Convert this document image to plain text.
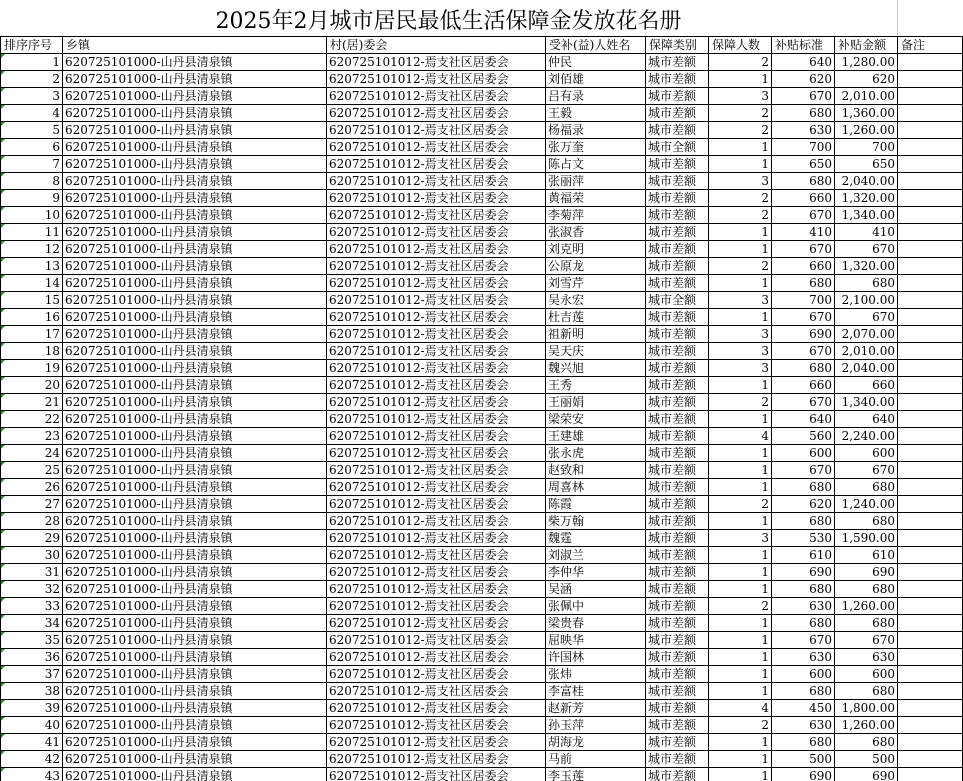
2025年2月城市居民最低生活保障金发放花名册
排序序号	乡镇	村(居)委会	受补(益)人姓名	保障类别	保障人数	补贴标准	补贴金额	备注
1	620725101000-山丹县清泉镇	620725101012-焉支社区居委会	仲民	城市差额	2	640	1,280.00	
2	620725101000-山丹县清泉镇	620725101012-焉支社区居委会	刘佰雄	城市差额	1	620	620	
3	620725101000-山丹县清泉镇	620725101012-焉支社区居委会	吕有录	城市差额	3	670	2,010.00	
4	620725101000-山丹县清泉镇	620725101012-焉支社区居委会	王毅	城市差额	2	680	1,360.00	
5	620725101000-山丹县清泉镇	620725101012-焉支社区居委会	杨福录	城市差额	2	630	1,260.00	
6	620725101000-山丹县清泉镇	620725101012-焉支社区居委会	张万奎	城市全额	1	700	700	
7	620725101000-山丹县清泉镇	620725101012-焉支社区居委会	陈占文	城市差额	1	650	650	
8	620725101000-山丹县清泉镇	620725101012-焉支社区居委会	张丽萍	城市差额	3	680	2,040.00	
9	620725101000-山丹县清泉镇	620725101012-焉支社区居委会	黄福荣	城市差额	2	660	1,320.00	
10	620725101000-山丹县清泉镇	620725101012-焉支社区居委会	李菊萍	城市差额	2	670	1,340.00	
11	620725101000-山丹县清泉镇	620725101012-焉支社区居委会	张淑香	城市差额	1	410	410	
12	620725101000-山丹县清泉镇	620725101012-焉支社区居委会	刘克明	城市差额	1	670	670	
13	620725101000-山丹县清泉镇	620725101012-焉支社区居委会	公原龙	城市差额	2	660	1,320.00	
14	620725101000-山丹县清泉镇	620725101012-焉支社区居委会	刘雪芹	城市差额	1	680	680	
15	620725101000-山丹县清泉镇	620725101012-焉支社区居委会	吴永宏	城市全额	3	700	2,100.00	
16	620725101000-山丹县清泉镇	620725101012-焉支社区居委会	杜吉莲	城市差额	1	670	670	
17	620725101000-山丹县清泉镇	620725101012-焉支社区居委会	祖新明	城市差额	3	690	2,070.00	
18	620725101000-山丹县清泉镇	620725101012-焉支社区居委会	吴天庆	城市差额	3	670	2,010.00	
19	620725101000-山丹县清泉镇	620725101012-焉支社区居委会	魏兴旭	城市差额	3	680	2,040.00	
20	620725101000-山丹县清泉镇	620725101012-焉支社区居委会	王秀	城市差额	1	660	660	
21	620725101000-山丹县清泉镇	620725101012-焉支社区居委会	王丽娟	城市差额	2	670	1,340.00	
22	620725101000-山丹县清泉镇	620725101012-焉支社区居委会	梁荣安	城市差额	1	640	640	
23	620725101000-山丹县清泉镇	620725101012-焉支社区居委会	王建雄	城市差额	4	560	2,240.00	
24	620725101000-山丹县清泉镇	620725101012-焉支社区居委会	张永虎	城市差额	1	600	600	
25	620725101000-山丹县清泉镇	620725101012-焉支社区居委会	赵致和	城市差额	1	670	670	
26	620725101000-山丹县清泉镇	620725101012-焉支社区居委会	周喜林	城市差额	1	680	680	
27	620725101000-山丹县清泉镇	620725101012-焉支社区居委会	陈霞	城市差额	2	620	1,240.00	
28	620725101000-山丹县清泉镇	620725101012-焉支社区居委会	柴万翰	城市差额	1	680	680	
29	620725101000-山丹县清泉镇	620725101012-焉支社区居委会	魏霆	城市差额	3	530	1,590.00	
30	620725101000-山丹县清泉镇	620725101012-焉支社区居委会	刘淑兰	城市差额	1	610	610	
31	620725101000-山丹县清泉镇	620725101012-焉支社区居委会	李仲华	城市差额	1	690	690	
32	620725101000-山丹县清泉镇	620725101012-焉支社区居委会	吴涵	城市差额	1	680	680	
33	620725101000-山丹县清泉镇	620725101012-焉支社区居委会	张佩中	城市差额	2	630	1,260.00	
34	620725101000-山丹县清泉镇	620725101012-焉支社区居委会	梁贵春	城市差额	1	680	680	
35	620725101000-山丹县清泉镇	620725101012-焉支社区居委会	屈映华	城市差额	1	670	670	
36	620725101000-山丹县清泉镇	620725101012-焉支社区居委会	许国林	城市差额	1	630	630	
37	620725101000-山丹县清泉镇	620725101012-焉支社区居委会	张炜	城市差额	1	600	600	
38	620725101000-山丹县清泉镇	620725101012-焉支社区居委会	李富桂	城市差额	1	680	680	
39	620725101000-山丹县清泉镇	620725101012-焉支社区居委会	赵新芳	城市差额	4	450	1,800.00	
40	620725101000-山丹县清泉镇	620725101012-焉支社区居委会	孙玉萍	城市差额	2	630	1,260.00	
41	620725101000-山丹县清泉镇	620725101012-焉支社区居委会	胡海龙	城市差额	1	680	680	
42	620725101000-山丹县清泉镇	620725101012-焉支社区居委会	马前	城市差额	1	500	500	
43	620725101000-山丹县清泉镇	620725101012-焉支社区居委会	李玉莲	城市差额	1	690	690	
